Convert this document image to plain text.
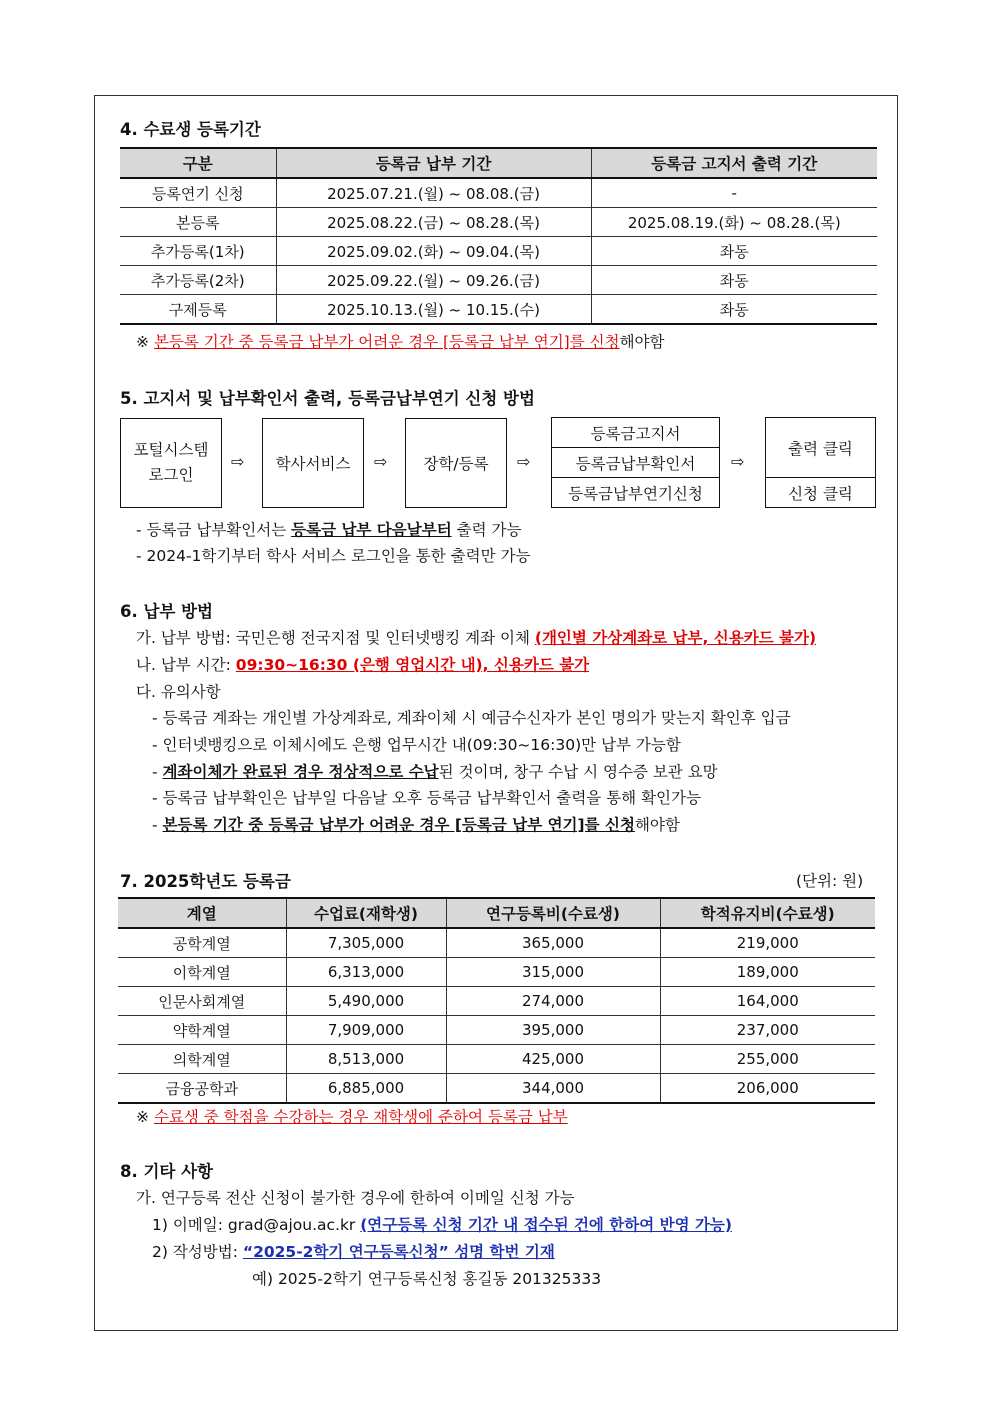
4. 수료생 등록기간
구분	등록금 납부 기간	등록금 고지서 출력 기간
등록연기 신청	2025.07.21.(월) ~ 08.08.(금)	-
본등록	2025.08.22.(금) ~ 08.28.(목)	2025.08.19.(화) ~ 08.28.(목)
추가등록(1차)	2025.09.02.(화) ~ 09.04.(목)	좌동
추가등록(2차)	2025.09.22.(월) ~ 09.26.(금)	좌동
구제등록	2025.10.13.(월) ~ 10.15.(수)	좌동
※ 본등록 기간 중 등록금 납부가 어려운 경우 [등록금 납부 연기]를 신청해야함
5. 고지서 및 납부확인서 출력, 등록금납부연기 신청 방법
포털시스템
로그인
⇨	학사서비스	⇨	장학/등록	⇨
등록금고지서
등록금납부확인서
등록금납부연기신청
⇨
출력 클릭
신청 클릭
- 등록금 납부확인서는 등록금 납부 다음날부터 출력 가능
- 2024-1학기부터 학사 서비스 로그인을 통한 출력만 가능
6. 납부 방법
가. 납부 방법: 국민은행 전국지점 및 인터넷뱅킹 계좌 이체 (개인별 가상계좌로 납부, 신용카드 불가)
나. 납부 시간: 09:30~16:30 (은행 영업시간 내), 신용카드 불가
다. 유의사항
- 등록금 계좌는 개인별 가상계좌로, 계좌이체 시 예금수신자가 본인 명의가 맞는지 확인후 입금
- 인터넷뱅킹으로 이체시에도 은행 업무시간 내(09:30~16:30)만 납부 가능함
- 계좌이체가 완료된 경우 정상적으로 수납된 것이며, 창구 수납 시 영수증 보관 요망
- 등록금 납부확인은 납부일 다음날 오후 등록금 납부확인서 출력을 통해 확인가능
- 본등록 기간 중 등록금 납부가 어려운 경우 [등록금 납부 연기]를 신청해야함
7. 2025학년도 등록금	(단위: 원)
계열	수업료(재학생)	연구등록비(수료생)	학적유지비(수료생)
공학계열	7,305,000	365,000	219,000
이학계열	6,313,000	315,000	189,000
인문사회계열	5,490,000	274,000	164,000
약학계열	7,909,000	395,000	237,000
의학계열	8,513,000	425,000	255,000
금융공학과	6,885,000	344,000	206,000
※ 수료생 중 학점을 수강하는 경우 재학생에 준하여 등록금 납부
8. 기타 사항
가. 연구등록 전산 신청이 불가한 경우에 한하여 이메일 신청 가능
1) 이메일: grad@ajou.ac.kr (연구등록 신청 기간 내 접수된 건에 한하여 반영 가능)
2) 작성방법: “2025-2학기 연구등록신청” 성명 학번 기재
예) 2025-2학기 연구등록신청 홍길동 201325333
